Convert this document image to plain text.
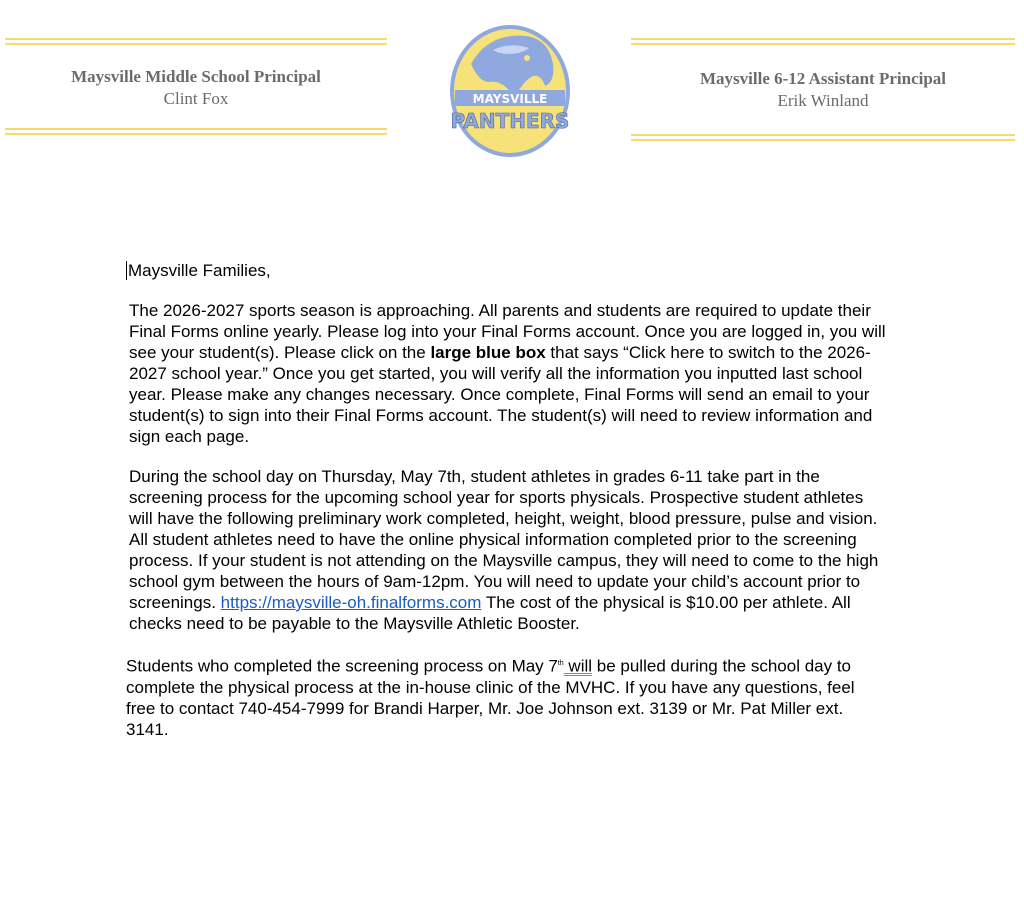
Maysville Middle School Principal
Clint Fox
Maysville 6-12 Assistant Principal
Erik Winland
MAYSVILLE
PANTHERS

Maysville Families,

The 2026-2027 sports season is approaching. All parents and students are required to update their Final Forms online yearly. Please log into your Final Forms account. Once you are logged in, you will see your student(s). Please click on the large blue box that says “Click here to switch to the 2026-2027 school year.” Once you get started, you will verify all the information you inputted last school year. Please make any changes necessary. Once complete, Final Forms will send an email to your student(s) to sign into their Final Forms account. The student(s) will need to review information and sign each page.

During the school day on Thursday, May 7th, student athletes in grades 6-11 take part in the screening process for the upcoming school year for sports physicals. Prospective student athletes will have the following preliminary work completed, height, weight, blood pressure, pulse and vision. All student athletes need to have the online physical information completed prior to the screening process. If your student is not attending on the Maysville campus, they will need to come to the high school gym between the hours of 9am-12pm. You will need to update your child’s account prior to screenings. https://maysville-oh.finalforms.com The cost of the physical is $10.00 per athlete. All checks need to be payable to the Maysville Athletic Booster.

Students who completed the screening process on May 7th will be pulled during the school day to complete the physical process at the in-house clinic of the MVHC. If you have any questions, feel free to contact 740-454-7999 for Brandi Harper, Mr. Joe Johnson ext. 3139 or Mr. Pat Miller ext. 3141.
